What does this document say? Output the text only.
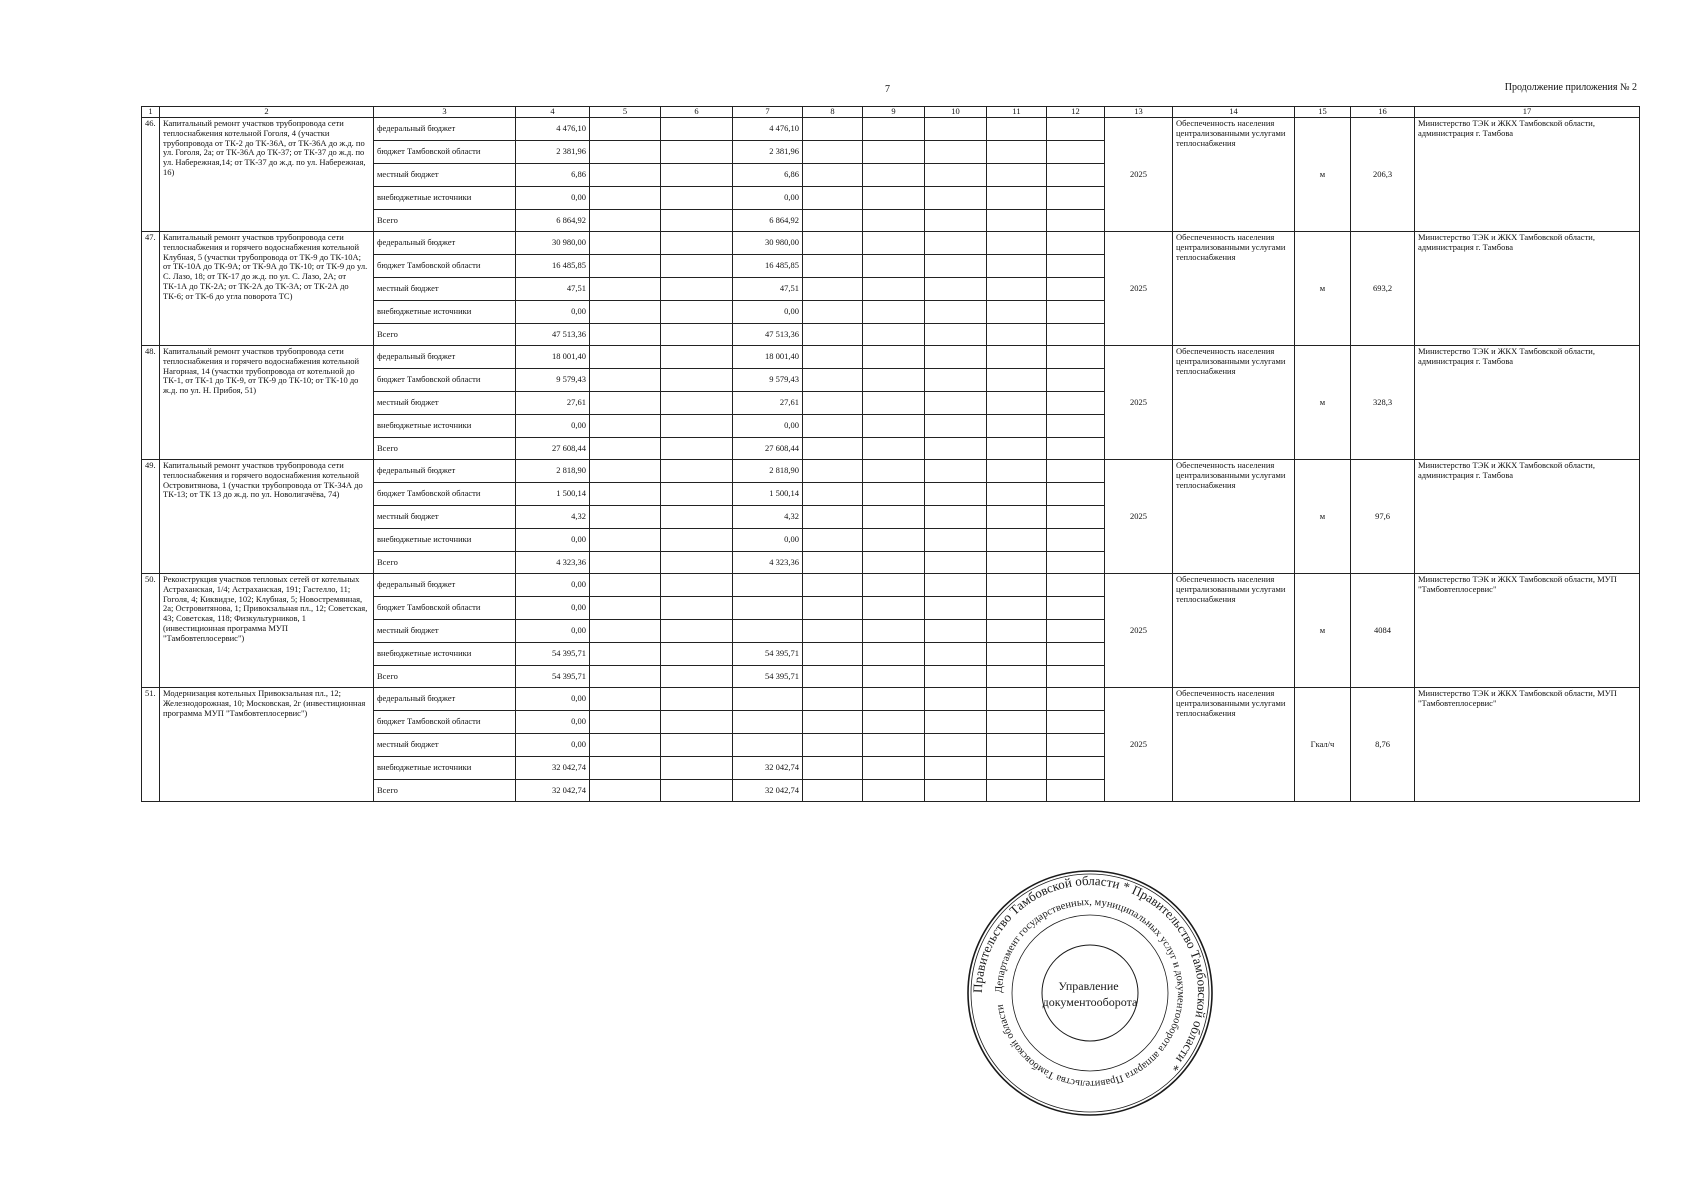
7	Продолжение приложения № 2
1	2	3	4	5	6	7	8	9	10	11	12	13	14	15	16	17
46.	Капитальный ремонт участков трубопровода сети теплоснабжения котельной Гоголя, 4 (участки трубопровода от ТК-2 до ТК-36А, от ТК-36А до ж.д. по ул. Гоголя, 2а; от ТК-36А до ТК-37; от ТК-37 до ж.д. по ул. Набережная,14; от ТК-37 до ж.д. по ул. Набережная, 16)	федеральный бюджет	4 476,10			4 476,10						2025	Обеспеченность населения централизованными услугами теплоснабжения	м	206,3	Министерство ТЭК и ЖКХ Тамбовской области, администрация г. Тамбова
		бюджет Тамбовской области	2 381,96			2 381,96										
		местный бюджет	6,86			6,86										
		внебюджетные источники	0,00			0,00										
		Всего	6 864,92			6 864,92										
47.	Капитальный ремонт участков трубопровода сети теплоснабжения и горячего водоснабжения котельной Клубная, 5 (участки трубопровода от ТК-9 до ТК-10А; от ТК-10А до ТК-9А; от ТК-9А до ТК-10; от ТК-9 до ул. С. Лазо, 18; от ТК-17 до ж.д. по ул. С. Лазо, 2А; от ТК-1А до ТК-2А; от ТК-2А до ТК-3А; от ТК-2А до ТК-6; от ТК-6 до угла поворота ТС)	федеральный бюджет	30 980,00			30 980,00						2025	Обеспеченность населения централизованными услугами теплоснабжения	м	693,2	Министерство ТЭК и ЖКХ Тамбовской области, администрация г. Тамбова
		бюджет Тамбовской области	16 485,85			16 485,85										
		местный бюджет	47,51			47,51										
		внебюджетные источники	0,00			0,00										
		Всего	47 513,36			47 513,36										
48.	Капитальный ремонт участков трубопровода сети теплоснабжения и горячего водоснабжения котельной Нагорная, 14 (участки трубопровода от котельной до ТК-1, от ТК-1 до ТК-9, от ТК-9 до ТК-10; от ТК-10 до ж.д. по ул. Н. Прибоя, 51)	федеральный бюджет	18 001,40			18 001,40						2025	Обеспеченность населения централизованными услугами теплоснабжения	м	328,3	Министерство ТЭК и ЖКХ Тамбовской области, администрация г. Тамбова
		бюджет Тамбовской области	9 579,43			9 579,43										
		местный бюджет	27,61			27,61										
		внебюджетные источники	0,00			0,00										
		Всего	27 608,44			27 608,44										
49.	Капитальный ремонт участков трубопровода сети теплоснабжения и горячего водоснабжения котельной Островитянова, 1 (участки трубопровода от ТК-34А до ТК-13; от ТК 13 до ж.д. по ул. Новолигачёва, 74)	федеральный бюджет	2 818,90			2 818,90						2025	Обеспеченность населения централизованными услугами теплоснабжения	м	97,6	Министерство ТЭК и ЖКХ Тамбовской области, администрация г. Тамбова
		бюджет Тамбовской области	1 500,14			1 500,14										
		местный бюджет	4,32			4,32										
		внебюджетные источники	0,00			0,00										
		Всего	4 323,36			4 323,36										
50.	Реконструкция участков тепловых сетей от котельных Астраханская, 1/4; Астраханская, 191; Гастелло, 11; Гоголя, 4; Киквидзе, 102; Клубная, 5; Новостремянная, 2а; Островитянова, 1; Привокзальная пл., 12; Советская, 43; Советская, 118; Физкультурников, 1 (инвестиционная программа МУП "Тамбовтеплосервис")	федеральный бюджет	0,00									2025	Обеспеченность населения централизованными услугами теплоснабжения	м	4084	Министерство ТЭК и ЖКХ Тамбовской области, МУП "Тамбовтеплосервис"
		бюджет Тамбовской области	0,00													
		местный бюджет	0,00													
		внебюджетные источники	54 395,71			54 395,71										
		Всего	54 395,71			54 395,71										
51.	Модернизация котельных Привокзальная пл., 12; Железнодорожная, 10; Московская, 2г (инвестиционная программа МУП "Тамбовтеплосервис")	федеральный бюджет	0,00									2025	Обеспеченность населения централизованными услугами теплоснабжения	Гкал/ч	8,76	Министерство ТЭК и ЖКХ Тамбовской области, МУП "Тамбовтеплосервис"
		бюджет Тамбовской области	0,00													
		местный бюджет	0,00													
		внебюджетные источники	32 042,74			32 042,74										
		Всего	32 042,74			32 042,74										
Правительство Тамбовской области * Правительство Тамбовской области *
Департамент государственных, муниципальных услуг и документооборота аппарата Правительства Тамбовской области
Управление документооборота
